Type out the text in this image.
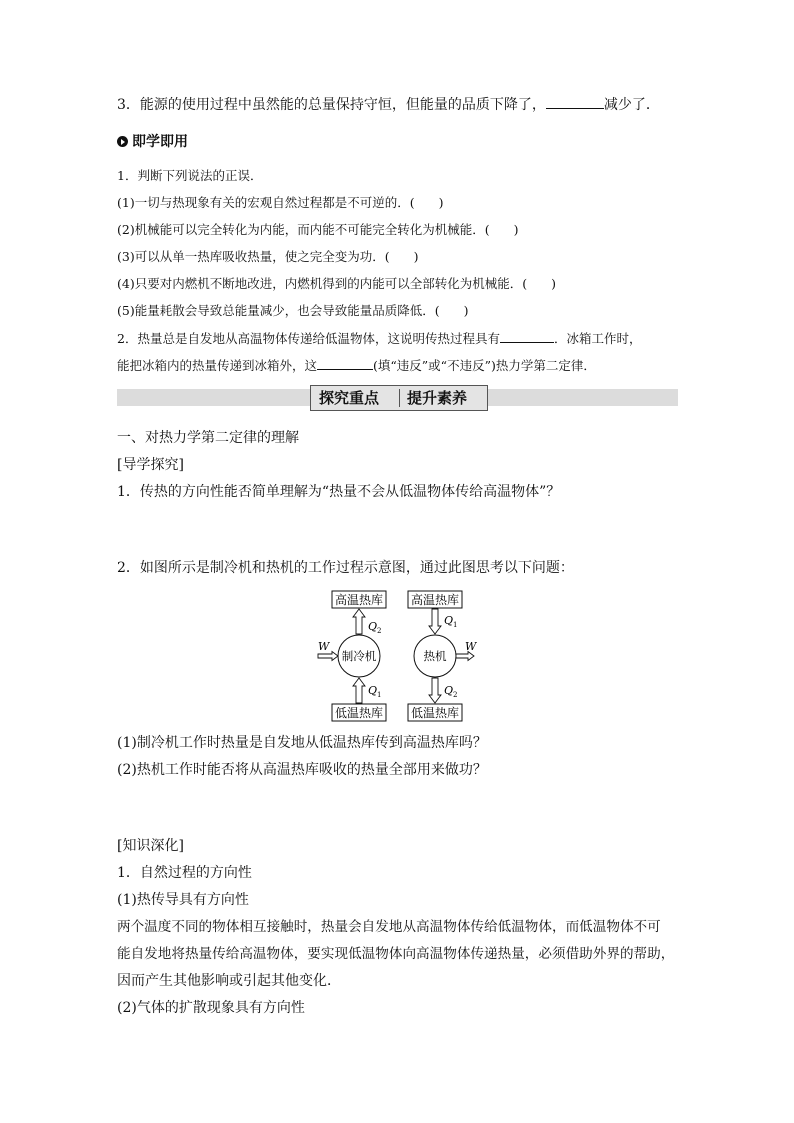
3．能源的使用过程中虽然能的总量保持守恒，但能量的品质下降了，	减少了．
即学即用
1．判断下列说法的正误．
(1)一切与热现象有关的宏观自然过程都是不可逆的．( )
(2)机械能可以完全转化为内能，而内能不可能完全转化为机械能．( )
(3)可以从单一热库吸收热量，使之完全变为功．( )
(4)只要对内燃机不断地改进，内燃机得到的内能可以全部转化为机械能．( )
(5)能量耗散会导致总能量减少，也会导致能量品质降低．( )
2．热量总是自发地从高温物体传递给低温物体，这说明传热过程具有	．冰箱工作时，
能把冰箱内的热量传递到冰箱外，这	(填“违反”或“不违反”)热力学第二定律．
探究重点 提升素养
一、对热力学第二定律的理解
[导学探究]
1．传热的方向性能否简单理解为“热量不会从低温物体传给高温物体”？
2．如图所示是制冷机和热机的工作过程示意图，通过此图思考以下问题：
高温热库
低温热库
制冷机
W
$Q_2$
$Q_1$
高温热库
低温热库
热机
W
$Q_1$
$Q_2$
(1)制冷机工作时热量是自发地从低温热库传到高温热库吗？
(2)热机工作时能否将从高温热库吸收的热量全部用来做功？
[知识深化]
1．自然过程的方向性
(1)热传导具有方向性
两个温度不同的物体相互接触时，热量会自发地从高温物体传给低温物体，而低温物体不可
能自发地将热量传给高温物体，要实现低温物体向高温物体传递热量，必须借助外界的帮助，
因而产生其他影响或引起其他变化．
(2)气体的扩散现象具有方向性
